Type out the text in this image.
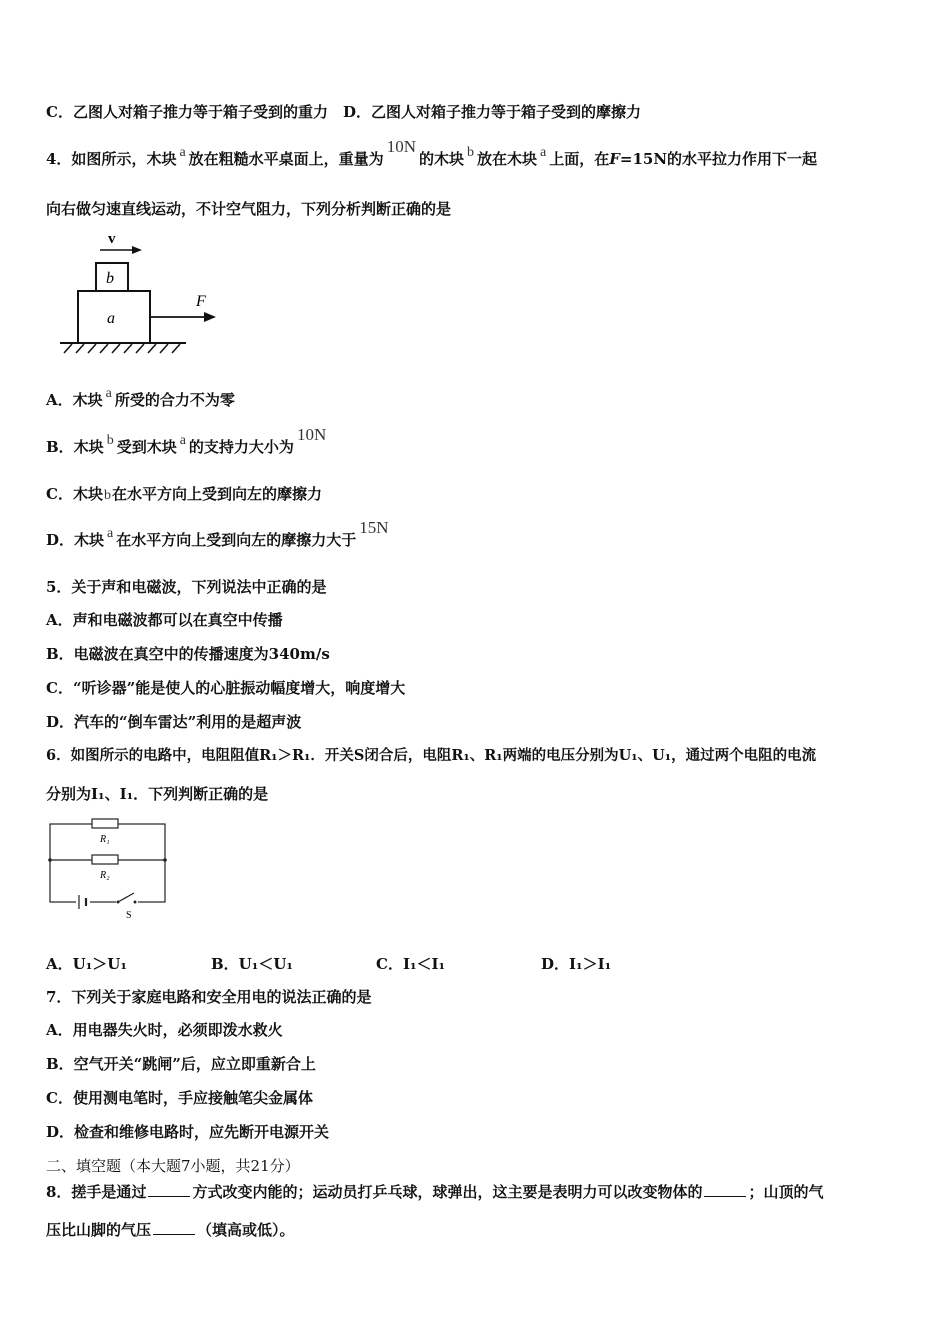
C．乙图人对箱子推力等于箱子受到的重力　D．乙图人对箱子推力等于箱子受到的摩擦力
4．如图所示，木块 a 放在粗糙水平桌面上，重量为10N的木块 b 放在木块 a 上面，在F=15N的水平拉力作用下一起
向右做匀速直线运动，不计空气阻力，下列分析判断正确的是
v
b
a
F
A．木块 a 所受的合力不为零
B．木块 b 受到木块 a 的支持力大小为10N
C．木块b在水平方向上受到向左的摩擦力
D．木块 a 在水平方向上受到向左的摩擦力大于15N
5．关于声和电磁波，下列说法中正确的是
A．声和电磁波都可以在真空中传播
B．电磁波在真空中的传播速度为340m/s
C．“听诊器”能是使人的心脏振动幅度增大，响度增大
D．汽车的“倒车雷达”利用的是超声波
6．如图所示的电路中，电阻阻值R₁＞R₁．开关S闭合后，电阻R₁、R₁两端的电压分别为U₁、U₁，通过两个电阻的电流
分别为I₁、I₁．下列判断正确的是
R₁
R₂
S
A．U₁＞U₁	B．U₁＜U₁	C．I₁＜I₁	D．I₁＞I₁
7．下列关于家庭电路和安全用电的说法正确的是
A．用电器失火时，必须即泼水救火
B．空气开关“跳闸”后，应立即重新合上
C．使用测电笔时，手应接触笔尖金属体
D．检查和维修电路时，应先断开电源开关
二、填空题（本大题7小题，共21分）
8．搓手是通过	方式改变内能的；运动员打乒乓球，球弹出，这主要是表明力可以改变物体的	；山顶的气
压比山脚的气压	（填高或低）。
